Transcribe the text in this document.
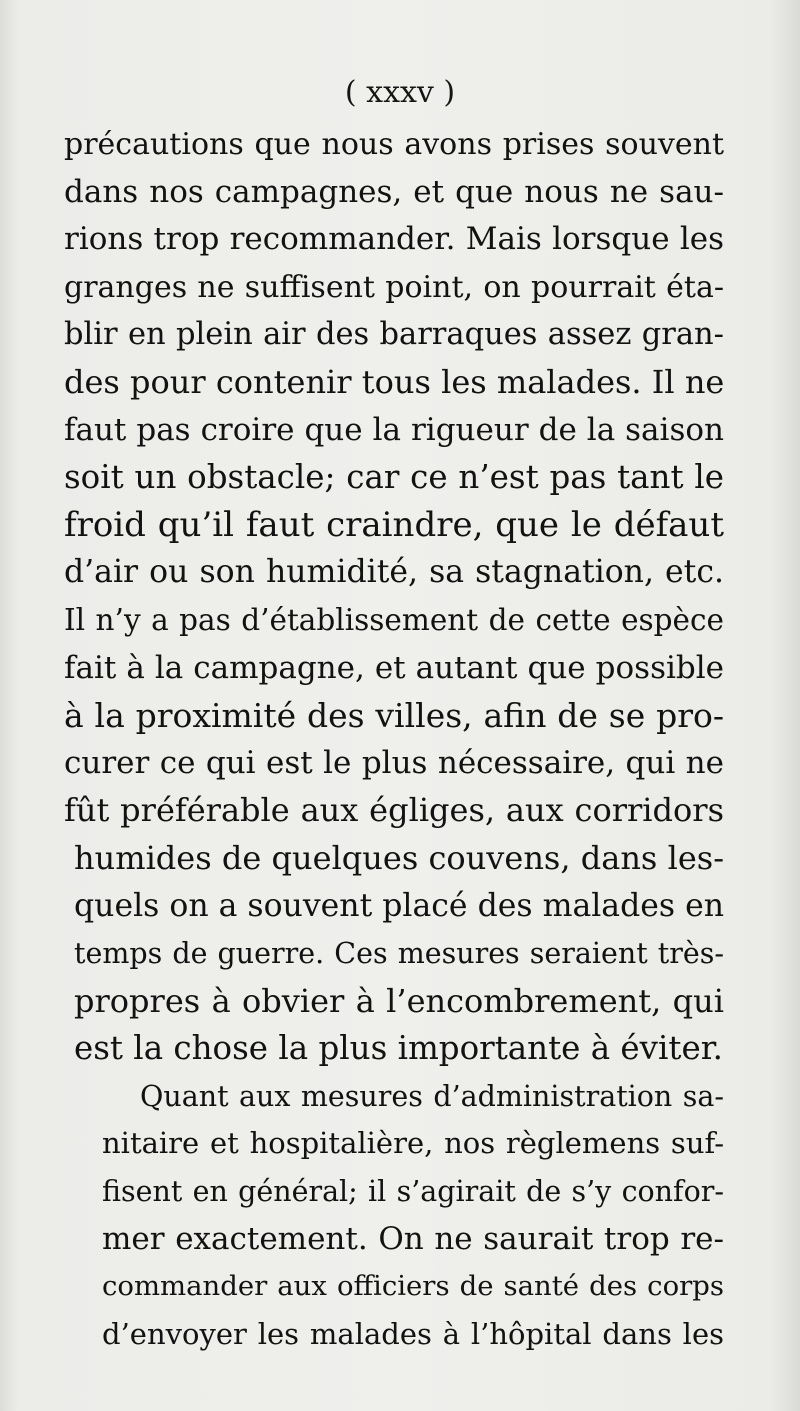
( xxxv )
précautions que nous avons prises souvent
dans nos campagnes, et que nous ne sau-
rions trop recommander. Mais lorsque les
granges ne suffisent point, on pourrait éta-
blir en plein air des barraques assez gran-
des pour contenir tous les malades. Il ne
faut pas croire que la rigueur de la saison
soit un obstacle; car ce n’est pas tant le
froid qu’il faut craindre, que le défaut
d’air ou son humidité, sa stagnation, etc.
Il n’y a pas d’établissement de cette espèce
fait à la campagne, et autant que possible
à la proximité des villes, afin de se pro-
curer ce qui est le plus nécessaire, qui ne
fût préférable aux égliges, aux corridors
humides de quelques couvens, dans les-
quels on a souvent placé des malades en
temps de guerre. Ces mesures seraient très-
propres à obvier à l’encombrement, qui
est la chose la plus importante à éviter.
Quant aux mesures d’administration sa-
nitaire et hospitalière, nos règlemens suf-
fisent en général; il s’agirait de s’y confor-
mer exactement. On ne saurait trop re-
commander aux officiers de santé des corps
d’envoyer les malades à l’hôpital dans les
